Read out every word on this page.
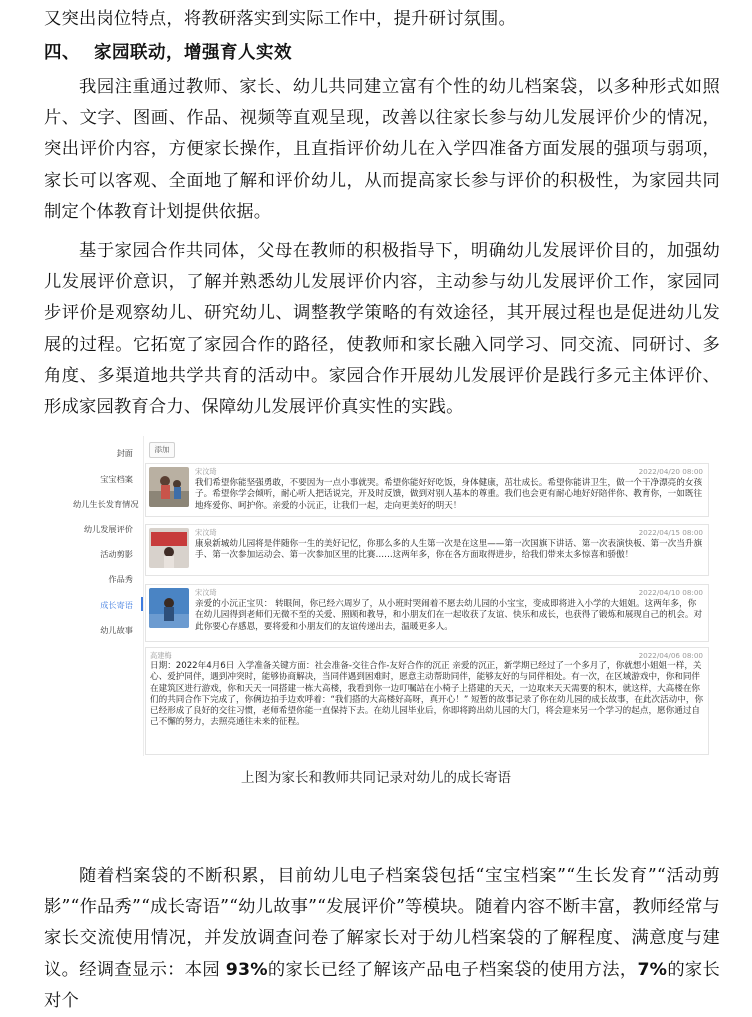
又突出岗位特点，将教研落实到实际工作中，提升研讨氛围。
四、 家园联动，增强育人实效
我园注重通过教师、家长、幼儿共同建立富有个性的幼儿档案袋，以多种形式如照片、文字、图画、作品、视频等直观呈现，改善以往家长参与幼儿发展评价少的情况，突出评价内容，方便家长操作，且直指评价幼儿在入学四准备方面发展的强项与弱项，家长可以客观、全面地了解和评价幼儿，从而提高家长参与评价的积极性，为家园共同制定个体教育计划提供依据。
基于家园合作共同体，父母在教师的积极指导下，明确幼儿发展评价目的，加强幼儿发展评价意识，了解并熟悉幼儿发展评价内容，主动参与幼儿发展评价工作，家园同步评价是观察幼儿、研究幼儿、调整教学策略的有效途径，其开展过程也是促进幼儿发展的过程。它拓宽了家园合作的路径，使教师和家长融入同学习、同交流、同研讨、多角度、多渠道地共学共育的活动中。家园合作开展幼儿发展评价是践行多元主体评价、形成家园教育合力、保障幼儿发展评价真实性的实践。
封面
宝宝档案
幼儿生长发育情况
幼儿发展评价
活动剪影
作品秀
成长寄语
幼儿故事
添加
宋汶琦	2022/04/20 08:00
我们希望你能坚强勇敢，不要因为一点小事就哭。希望你能好好吃饭，身体健康，茁壮成长。希望你能讲卫生，做一个干净漂亮的女孩子。希望你学会倾听，耐心听人把话说完，开及时反馈，做到对别人基本的尊重。我们也会更有耐心地好好陪伴你、教育你，一如既往地疼爱你、呵护你。亲爱的小沅正，让我们一起，走向更美好的明天！
宋汶琦	2022/04/15 08:00
康泉新城幼儿园将是伴随你一生的美好记忆，你那么多的人生第一次是在这里——第一次国旗下讲话、第一次表演快板、第一次当升旗手、第一次参加运动会、第一次参加区里的比赛……这两年多，你在各方面取得进步，给我们带来太多惊喜和骄傲！
宋汶琦	2022/04/10 08:00
亲爱的小沅正宝贝： 转眼间，你已经六周岁了，从小班时哭闹着不愿去幼儿园的小宝宝，变成即将进入小学的大姐姐。这两年多，你在幼儿园得到老师们无微不至的关爱、照顾和教导，和小朋友们在一起收获了友谊、快乐和成长，也获得了锻炼和展现自己的机会。对此你要心存感恩，要将爱和小朋友们的友谊传递出去，温暖更多人。
高建梅	2022/04/06 08:00
日期：2022年4月6日 入学准备关键方面：社会准备-交往合作-友好合作的沉正 亲爱的沉正，新学期已经过了一个多月了，你就想小姐姐一样，关心、爱护同伴，遇到冲突时，能够协商解决，当同伴遇到困难时，愿意主动帮助同伴，能够友好的与同伴相处。有一次，在区域游戏中，你和同伴在建筑区进行游戏，你和天天一同搭建一栋大高楼，我看到你一边叮嘱站在小椅子上搭建的天天，一边取来天天需要的积木，就这样，大高楼在你们的共同合作下完成了，你俩边拍手边欢呼着：“我们搭的大高楼好高呀，真开心！” 短暂的故事记录了你在幼儿园的成长故事，在此次活动中，你已经形成了良好的交往习惯，老师希望你能一直保持下去。在幼儿园毕业后，你即将跨出幼儿园的大门，将会迎来另一个学习的起点，愿你通过自己不懈的努力，去照亮通往未来的征程。
上图为家长和教师共同记录对幼儿的成长寄语
随着档案袋的不断积累，目前幼儿电子档案袋包括“宝宝档案”“生长发育”“活动剪影”“作品秀”“成长寄语”“幼儿故事”“发展评价”等模块。随着内容不断丰富，教师经常与家长交流使用情况，并发放调查问卷了解家长对于幼儿档案袋的了解程度、满意度与建议。经调查显示：本园 93%的家长已经了解该产品电子档案袋的使用方法，7%的家长对个
